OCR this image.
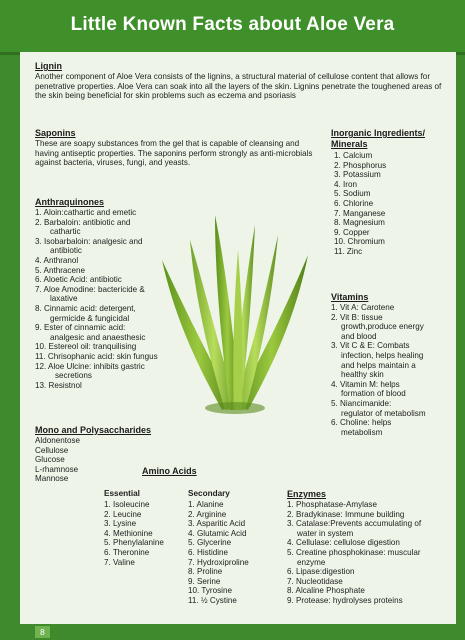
Little Known Facts about Aloe Vera
Lignin
Another component of Aloe Vera consists of the lignins, a structural material of cellulose content that allows for penetrative properties. Aloe Vera can soak into all the layers of the skin. Lignins penetrate the toughened areas of the skin being beneficial for skin problems such as eczema and psoriasis
Saponins
These are soapy substances from the gel that is capable of cleansing and having antiseptic properties. The saponins perform strongly as anti-microbials against bacteria, viruses, fungi, and yeasts.
Anthraquinones
1. Aloin:cathartic and emetic
2. Barbaloin: antibiotic and
cathartic
3. Isobarbaloin: analgesic and
antibiotic
4. Anthranol
5. Anthracene
6. Aloetic Acid: antibiotic
7. Aloe Amodine: bactericide &
laxative
8. Cinnamic acid: detergent,
germicide & fungicidal
9. Ester of cinnamic acid:
analgesic and anaesthesic
10. Estereol oil: tranquilising
11. Chrisophanic acid: skin fungus
12. Aloe Ulcine: inhibits gastric
secretions
13. Resistnol
Mono and Polysaccharides
Aldonentose
Cellulose
Glucose
L-rhamnose
Mannose
Amino Acids
Essential
1. Isoleucine
2. Leucine
3. Lysine
4. Methionine
5. Phenylalanine
6. Theronine
7. Valine
Secondary
1. Alanine
2. Arginine
3. Asparitic Acid
4. Glutamic Acid
5. Glycerine
6. Histidine
7. Hydroxiproline
8. Proline
9. Serine
10. Tyrosine
11. ½ Cystine
Inorganic Ingredients/
Minerals
1. Calcium
2. Phosphorus
3. Potassium
4. Iron
5. Sodium
6. Chlorine
7. Manganese
8. Magnesium
9. Copper
10. Chromium
11. Zinc
Vitamins
1. Vit A: Carotene
2. Vit B: tissue
growth,produce energy
and blood
3. Vit C & E: Combats
infection, helps healing
and helps maintain a
healthy skin
4. Vitamin M: helps
formation of blood
5. Niancimanide:
regulator of metabolism
6. Choline: helps
metabolism
Enzymes
1. Phosphatase-Amylase
2. Bradykinase: Immune building
3. Catalase:Prevents accumulating of
water in system
4. Cellulase: cellulose digestion
5. Creatine phosphokinase: muscular
enzyme
6. Lipase:digestion
7. Nucleotidase
8. Alcaline Phosphate
9. Protease: hydrolyses proteins
8
